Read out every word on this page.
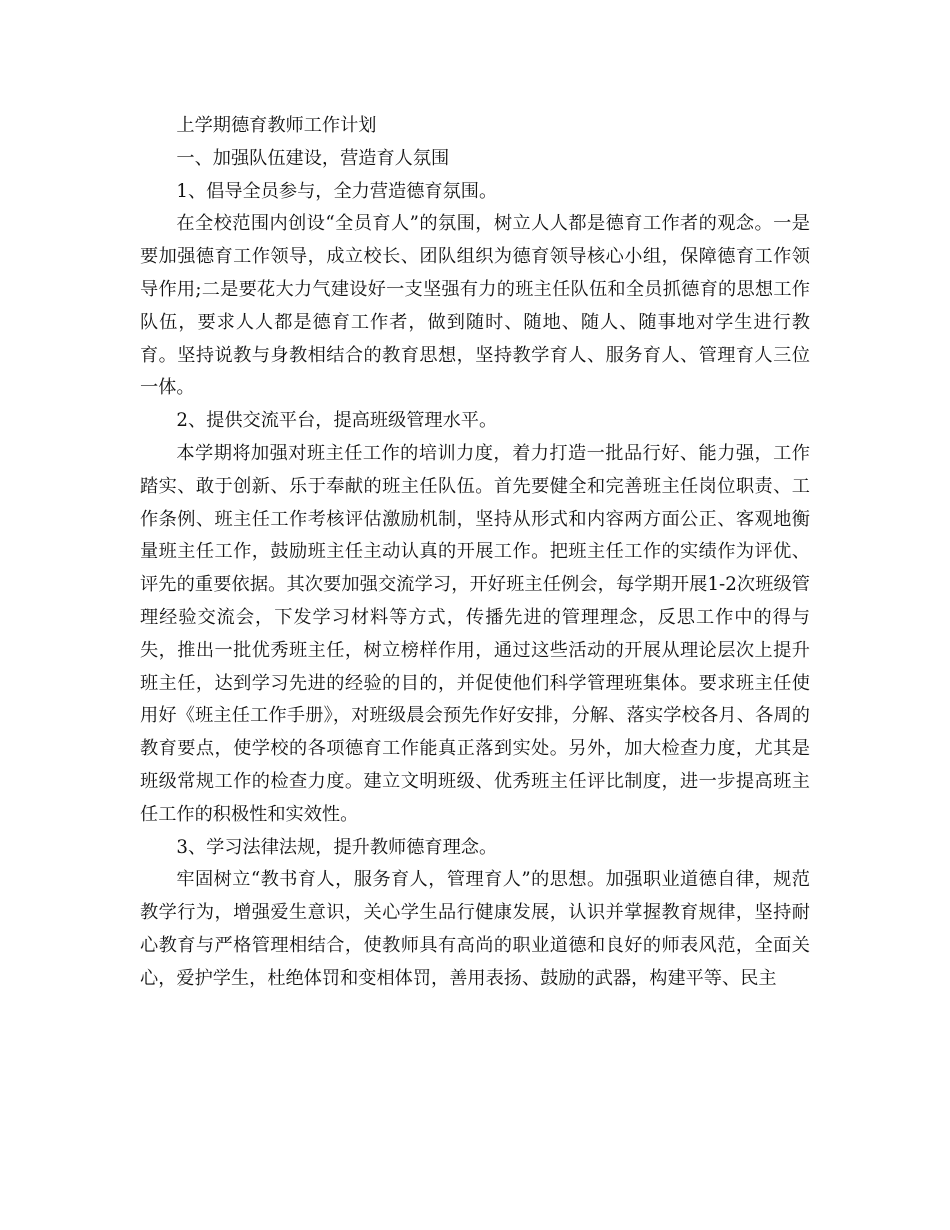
上学期德育教师工作计划

一、加强队伍建设，营造育人氛围

1、倡导全员参与，全力营造德育氛围。

在全校范围内创设“全员育人”的氛围，树立人人都是德育工作者的观念。一是要加强德育工作领导，成立校长、团队组织为德育领导核心小组，保障德育工作领导作用;二是要花大力气建设好一支坚强有力的班主任队伍和全员抓德育的思想工作队伍，要求人人都是德育工作者，做到随时、随地、随人、随事地对学生进行教育。坚持说教与身教相结合的教育思想，坚持教学育人、服务育人、管理育人三位一体。

2、提供交流平台，提高班级管理水平。

本学期将加强对班主任工作的培训力度，着力打造一批品行好、能力强，工作踏实、敢于创新、乐于奉献的班主任队伍。首先要健全和完善班主任岗位职责、工作条例、班主任工作考核评估激励机制，坚持从形式和内容两方面公正、客观地衡量班主任工作，鼓励班主任主动认真的开展工作。把班主任工作的实绩作为评优、评先的重要依据。其次要加强交流学习，开好班主任例会，每学期开展1-2次班级管理经验交流会，下发学习材料等方式，传播先进的管理理念，反思工作中的得与失，推出一批优秀班主任，树立榜样作用，通过这些活动的开展从理论层次上提升班主任，达到学习先进的经验的目的，并促使他们科学管理班集体。要求班主任使用好《班主任工作手册》，对班级晨会预先作好安排，分解、落实学校各月、各周的教育要点，使学校的各项德育工作能真正落到实处。另外，加大检查力度，尤其是班级常规工作的检查力度。建立文明班级、优秀班主任评比制度，进一步提高班主任工作的积极性和实效性。

3、学习法律法规，提升教师德育理念。

牢固树立“教书育人，服务育人，管理育人”的思想。加强职业道德自律，规范教学行为，增强爱生意识，关心学生品行健康发展，认识并掌握教育规律，坚持耐心教育与严格管理相结合，使教师具有高尚的职业道德和良好的师表风范，全面关心，爱护学生，杜绝体罚和变相体罚，善用表扬、鼓励的武器，构建平等、民主
